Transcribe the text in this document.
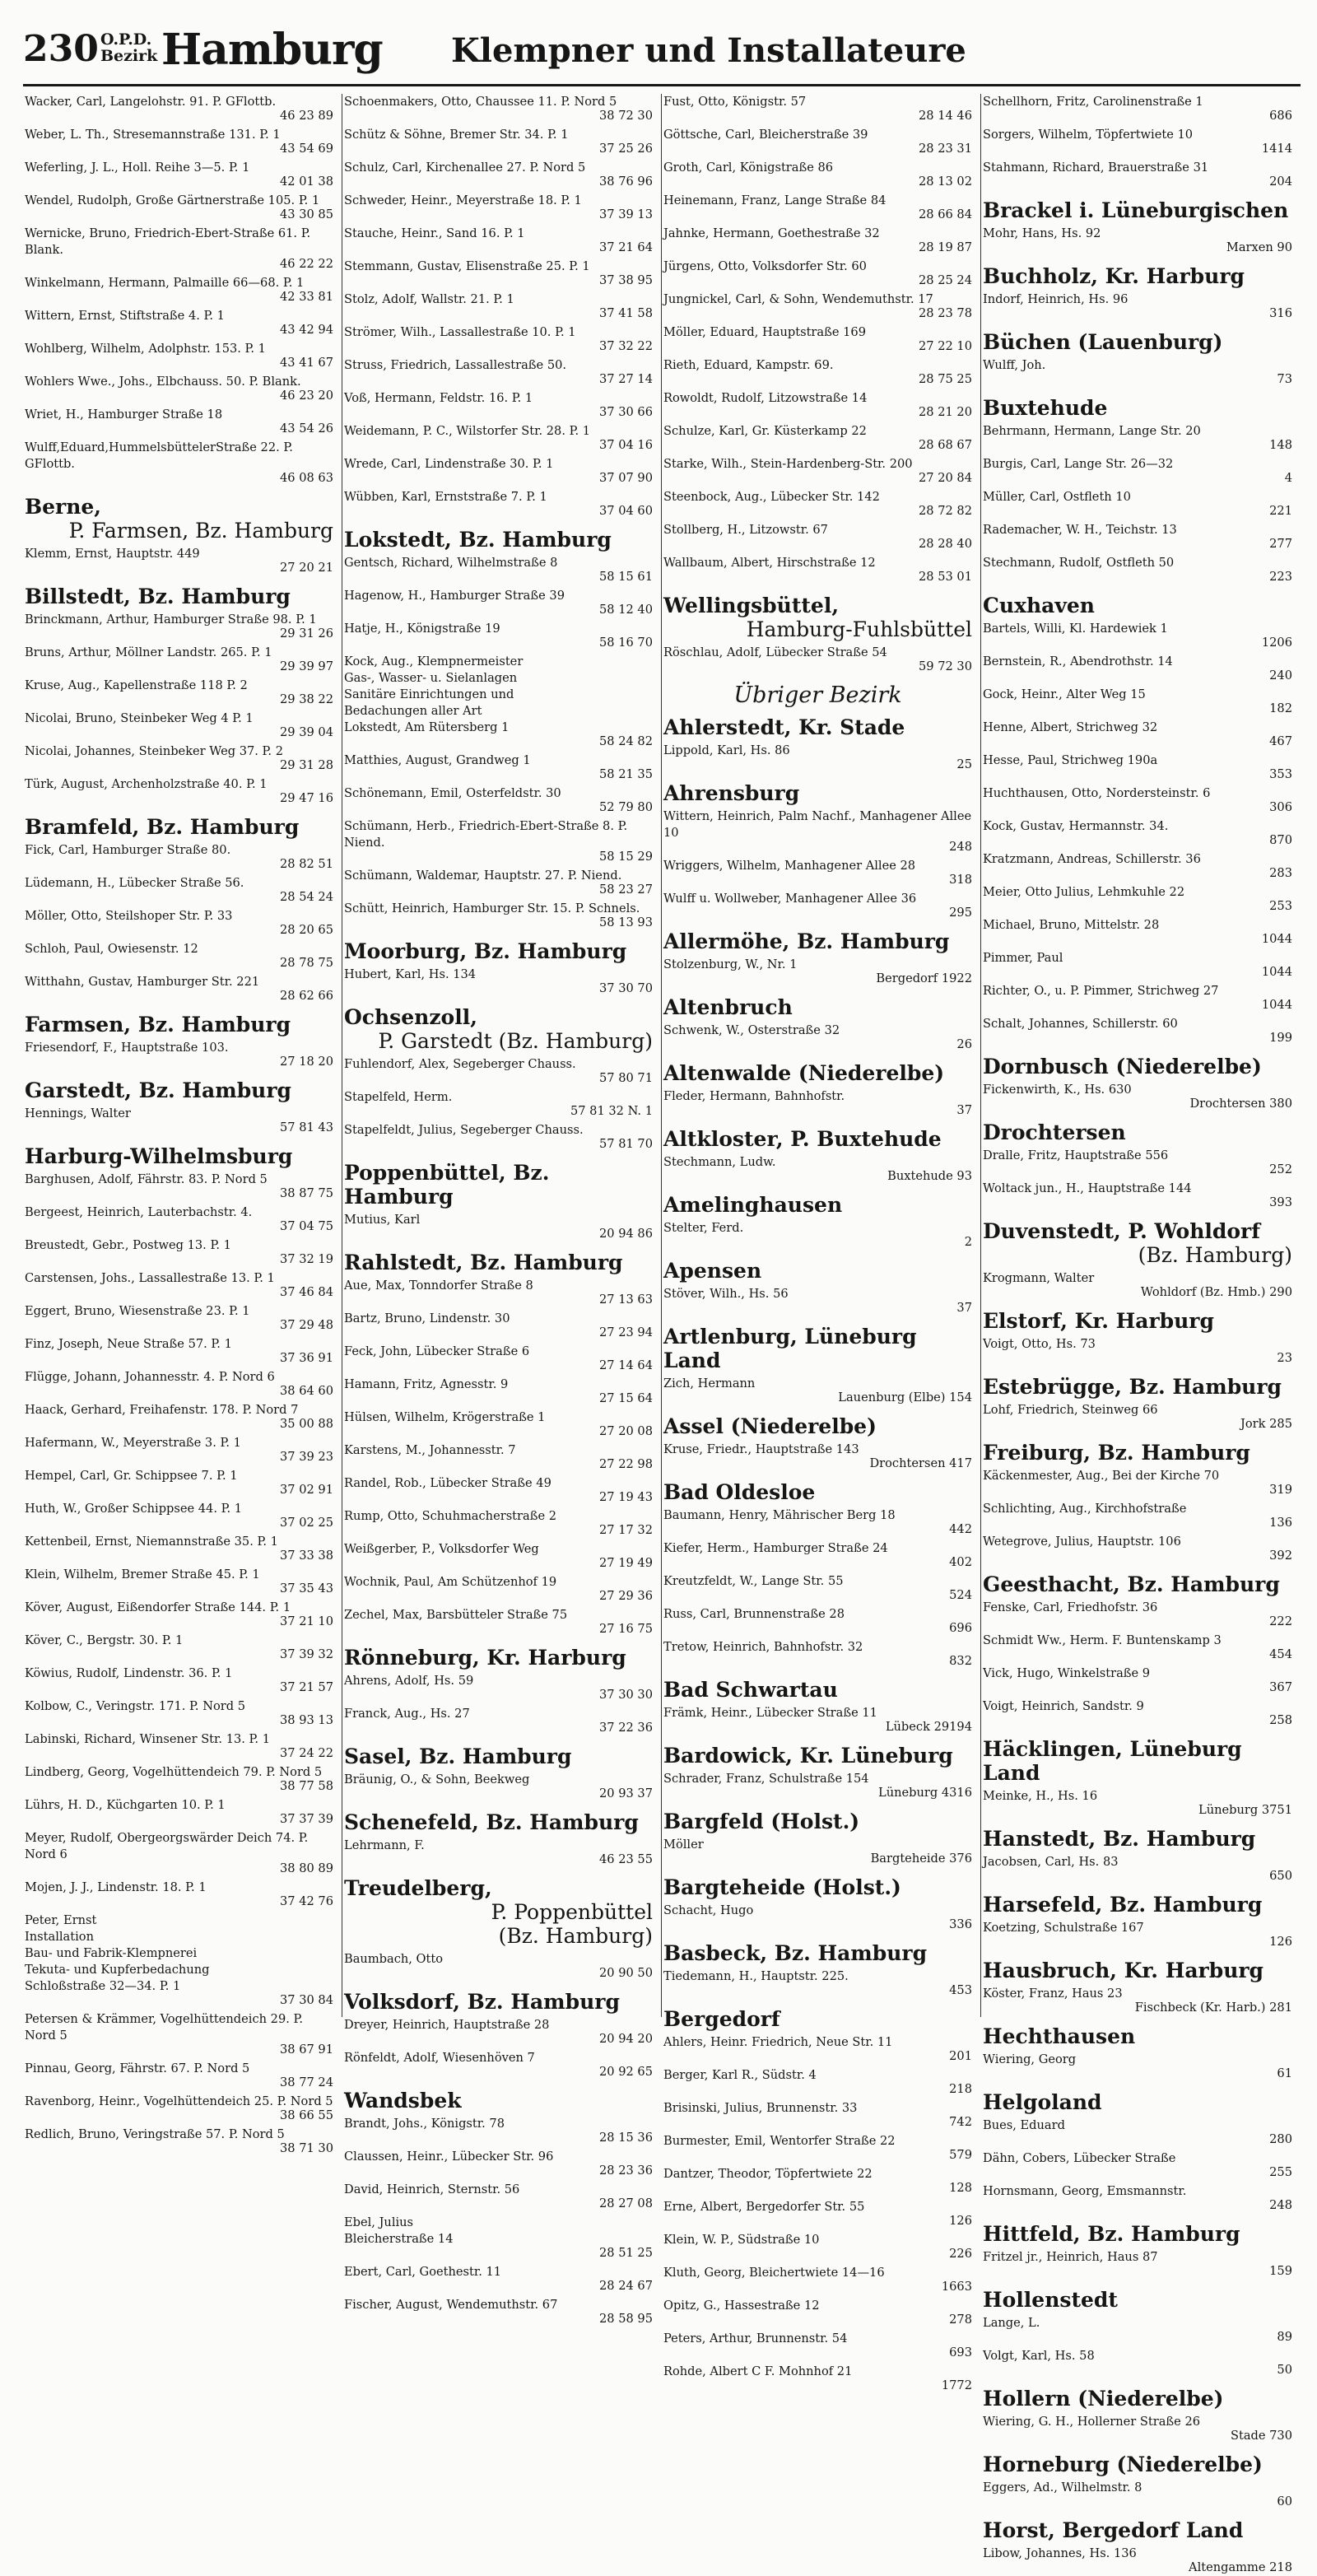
230 O.P.D.
Bezirk Hamburg Klempner und Installateure
Wacker, Carl, Langelohstr. 91. P. GFlottb.
46 23 89
Weber, L. Th., Stresemannstraße 131. P. 1
43 54 69
Weferling, J. L., Holl. Reihe 3—5. P. 1
42 01 38
Wendel, Rudolph, Große Gärtnerstraße 105. P. 1
43 30 85
Wernicke, Bruno, Friedrich-Ebert-Straße 61. P. Blank.
46 22 22
Winkelmann, Hermann, Palmaille 66—68. P. 1
42 33 81
Wittern, Ernst, Stiftstraße 4. P. 1
43 42 94
Wohlberg, Wilhelm, Adolphstr. 153. P. 1
43 41 67
Wohlers Wwe., Johs., Elbchauss. 50. P. Blank.
46 23 20
Wriet, H., Hamburger Straße 18
43 54 26
Wulff,Eduard,HummelsbüttelerStraße 22. P. GFlottb.
46 08 63
Berne,
P. Farmsen, Bz. Hamburg
Klemm, Ernst, Hauptstr. 449
27 20 21
Billstedt, Bz. Hamburg
Brinckmann, Arthur, Hamburger Straße 98. P. 1
29 31 26
Bruns, Arthur, Möllner Landstr. 265. P. 1
29 39 97
Kruse, Aug., Kapellenstraße 118 P. 2
29 38 22
Nicolai, Bruno, Steinbeker Weg 4 P. 1
29 39 04
Nicolai, Johannes, Steinbeker Weg 37. P. 2
29 31 28
Türk, August, Archenholzstraße 40. P. 1
29 47 16
Bramfeld, Bz. Hamburg
Fick, Carl, Hamburger Straße 80.
28 82 51
Lüdemann, H., Lübecker Straße 56.
28 54 24
Möller, Otto, Steilshoper Str. P. 33
28 20 65
Schloh, Paul, Owiesenstr. 12
28 78 75
Witthahn, Gustav, Hamburger Str. 221
28 62 66
Farmsen, Bz. Hamburg
Friesendorf, F., Hauptstraße 103.
27 18 20
Garstedt, Bz. Hamburg
Hennings, Walter
57 81 43
Harburg-Wilhelmsburg
Barghusen, Adolf, Fährstr. 83. P. Nord 5
38 87 75
Bergeest, Heinrich, Lauterbachstr. 4.
37 04 75
Breustedt, Gebr., Postweg 13. P. 1
37 32 19
Carstensen, Johs., Lassallestraße 13. P. 1
37 46 84
Eggert, Bruno, Wiesenstraße 23. P. 1
37 29 48
Finz, Joseph, Neue Straße 57. P. 1
37 36 91
Flügge, Johann, Johannesstr. 4. P. Nord 6
38 64 60
Haack, Gerhard, Freihafenstr. 178. P. Nord 7
35 00 88
Hafermann, W., Meyerstraße 3. P. 1
37 39 23
Hempel, Carl, Gr. Schippsee 7. P. 1
37 02 91
Huth, W., Großer Schippsee 44. P. 1
37 02 25
Kettenbeil, Ernst, Niemannstraße 35. P. 1
37 33 38
Klein, Wilhelm, Bremer Straße 45. P. 1
37 35 43
Köver, August, Eißendorfer Straße 144. P. 1
37 21 10
Köver, C., Bergstr. 30. P. 1
37 39 32
Köwius, Rudolf, Lindenstr. 36. P. 1
37 21 57
Kolbow, C., Veringstr. 171. P. Nord 5
38 93 13
Labinski, Richard, Winsener Str. 13. P. 1
37 24 22
Lindberg, Georg, Vogelhüttendeich 79. P. Nord 5
38 77 58
Lührs, H. D., Küchgarten 10. P. 1
37 37 39
Meyer, Rudolf, Obergeorgswärder Deich 74. P. Nord 6
38 80 89
Mojen, J. J., Lindenstr. 18. P. 1
37 42 76
Peter, Ernst
Installation
Bau- und Fabrik-Klempnerei
Tekuta- und Kupferbedachung
Schloßstraße 32—34. P. 1
37 30 84
Petersen & Krämmer, Vogelhüttendeich 29. P. Nord 5
38 67 91
Pinnau, Georg, Fährstr. 67. P. Nord 5
38 77 24
Ravenborg, Heinr., Vogelhüttendeich 25. P. Nord 5
38 66 55
Redlich, Bruno, Veringstraße 57. P. Nord 5
38 71 30
Schoenmakers, Otto, Chaussee 11. P. Nord 5
38 72 30
Schütz & Söhne, Bremer Str. 34. P. 1
37 25 26
Schulz, Carl, Kirchenallee 27. P. Nord 5
38 76 96
Schweder, Heinr., Meyerstraße 18. P. 1
37 39 13
Stauche, Heinr., Sand 16. P. 1
37 21 64
Stemmann, Gustav, Elisenstraße 25. P. 1
37 38 95
Stolz, Adolf, Wallstr. 21. P. 1
37 41 58
Strömer, Wilh., Lassallestraße 10. P. 1
37 32 22
Struss, Friedrich, Lassallestraße 50.
37 27 14
Voß, Hermann, Feldstr. 16. P. 1
37 30 66
Weidemann, P. C., Wilstorfer Str. 28. P. 1
37 04 16
Wrede, Carl, Lindenstraße 30. P. 1
37 07 90
Wübben, Karl, Ernststraße 7. P. 1
37 04 60
Lokstedt, Bz. Hamburg
Gentsch, Richard, Wilhelmstraße 8
58 15 61
Hagenow, H., Hamburger Straße 39
58 12 40
Hatje, H., Königstraße 19
58 16 70
Kock, Aug., Klempnermeister
Gas-, Wasser- u. Sielanlagen
Sanitäre Einrichtungen und
Bedachungen aller Art
Lokstedt, Am Rütersberg 1
58 24 82
Matthies, August, Grandweg 1
58 21 35
Schönemann, Emil, Osterfeldstr. 30
52 79 80
Schümann, Herb., Friedrich-Ebert-Straße 8. P. Niend.
58 15 29
Schümann, Waldemar, Hauptstr. 27. P. Niend.
58 23 27
Schütt, Heinrich, Hamburger Str. 15. P. Schnels.
58 13 93
Moorburg, Bz. Hamburg
Hubert, Karl, Hs. 134
37 30 70
Ochsenzoll,
P. Garstedt (Bz. Hamburg)
Fuhlendorf, Alex, Segeberger Chauss.
57 80 71
Stapelfeld, Herm.
57 81 32 N. 1
Stapelfeldt, Julius, Segeberger Chauss.
57 81 70
Poppenbüttel, Bz. Hamburg
Mutius, Karl
20 94 86
Rahlstedt, Bz. Hamburg
Aue, Max, Tonndorfer Straße 8
27 13 63
Bartz, Bruno, Lindenstr. 30
27 23 94
Feck, John, Lübecker Straße 6
27 14 64
Hamann, Fritz, Agnesstr. 9
27 15 64
Hülsen, Wilhelm, Krögerstraße 1
27 20 08
Karstens, M., Johannesstr. 7
27 22 98
Randel, Rob., Lübecker Straße 49
27 19 43
Rump, Otto, Schuhmacherstraße 2
27 17 32
Weißgerber, P., Volksdorfer Weg
27 19 49
Wochnik, Paul, Am Schützenhof 19
27 29 36
Zechel, Max, Barsbütteler Straße 75
27 16 75
Rönneburg, Kr. Harburg
Ahrens, Adolf, Hs. 59
37 30 30
Franck, Aug., Hs. 27
37 22 36
Sasel, Bz. Hamburg
Bräunig, O., & Sohn, Beekweg
20 93 37
Schenefeld, Bz. Hamburg
Lehrmann, F.
46 23 55
Treudelberg,
P. Poppenbüttel
(Bz. Hamburg)
Baumbach, Otto
20 90 50
Volksdorf, Bz. Hamburg
Dreyer, Heinrich, Hauptstraße 28
20 94 20
Rönfeldt, Adolf, Wiesenhöven 7
20 92 65
Wandsbek
Brandt, Johs., Königstr. 78
28 15 36
Claussen, Heinr., Lübecker Str. 96
28 23 36
David, Heinrich, Sternstr. 56
28 27 08
Ebel, Julius
Bleicherstraße 14
28 51 25
Ebert, Carl, Goethestr. 11
28 24 67
Fischer, August, Wendemuthstr. 67
28 58 95
Fust, Otto, Königstr. 57
28 14 46
Göttsche, Carl, Bleicherstraße 39
28 23 31
Groth, Carl, Königstraße 86
28 13 02
Heinemann, Franz, Lange Straße 84
28 66 84
Jahnke, Hermann, Goethestraße 32
28 19 87
Jürgens, Otto, Volksdorfer Str. 60
28 25 24
Jungnickel, Carl, & Sohn, Wendemuthstr. 17
28 23 78
Möller, Eduard, Hauptstraße 169
27 22 10
Rieth, Eduard, Kampstr. 69.
28 75 25
Rowoldt, Rudolf, Litzowstraße 14
28 21 20
Schulze, Karl, Gr. Küsterkamp 22
28 68 67
Starke, Wilh., Stein-Hardenberg-Str. 200
27 20 84
Steenbock, Aug., Lübecker Str. 142
28 72 82
Stollberg, H., Litzowstr. 67
28 28 40
Wallbaum, Albert, Hirschstraße 12
28 53 01
Wellingsbüttel,
Hamburg-Fuhlsbüttel
Röschlau, Adolf, Lübecker Straße 54
59 72 30
Übriger Bezirk
Ahlerstedt, Kr. Stade
Lippold, Karl, Hs. 86
25
Ahrensburg
Wittern, Heinrich, Palm Nachf., Manhagener Allee 10
248
Wriggers, Wilhelm, Manhagener Allee 28
318
Wulff u. Wollweber, Manhagener Allee 36
295
Allermöhe, Bz. Hamburg
Stolzenburg, W., Nr. 1
Bergedorf 1922
Altenbruch
Schwenk, W., Osterstraße 32
26
Altenwalde (Niederelbe)
Fleder, Hermann, Bahnhofstr.
37
Altkloster, P. Buxtehude
Stechmann, Ludw.
Buxtehude 93
Amelinghausen
Stelter, Ferd.
2
Apensen
Stöver, Wilh., Hs. 56
37
Artlenburg, Lüneburg Land
Zich, Hermann
Lauenburg (Elbe) 154
Assel (Niederelbe)
Kruse, Friedr., Hauptstraße 143
Drochtersen 417
Bad Oldesloe
Baumann, Henry, Mährischer Berg 18
442
Kiefer, Herm., Hamburger Straße 24
402
Kreutzfeldt, W., Lange Str. 55
524
Russ, Carl, Brunnenstraße 28
696
Tretow, Heinrich, Bahnhofstr. 32
832
Bad Schwartau
Främk, Heinr., Lübecker Straße 11
Lübeck 29194
Bardowick, Kr. Lüneburg
Schrader, Franz, Schulstraße 154
Lüneburg 4316
Bargfeld (Holst.)
Möller
Bargteheide 376
Bargteheide (Holst.)
Schacht, Hugo
336
Basbeck, Bz. Hamburg
Tiedemann, H., Hauptstr. 225.
453
Bergedorf
Ahlers, Heinr. Friedrich, Neue Str. 11
201
Berger, Karl R., Südstr. 4
218
Brisinski, Julius, Brunnenstr. 33
742
Burmester, Emil, Wentorfer Straße 22
579
Dantzer, Theodor, Töpfertwiete 22
128
Erne, Albert, Bergedorfer Str. 55
126
Klein, W. P., Südstraße 10
226
Kluth, Georg, Bleichertwiete 14—16
1663
Opitz, G., Hassestraße 12
278
Peters, Arthur, Brunnenstr. 54
693
Rohde, Albert C F. Mohnhof 21
1772
Schellhorn, Fritz, Carolinenstraße 1
686
Sorgers, Wilhelm, Töpfertwiete 10
1414
Stahmann, Richard, Brauerstraße 31
204
Brackel i. Lüneburgischen
Mohr, Hans, Hs. 92
Marxen 90
Buchholz, Kr. Harburg
Indorf, Heinrich, Hs. 96
316
Büchen (Lauenburg)
Wulff, Joh.
73
Buxtehude
Behrmann, Hermann, Lange Str. 20
148
Burgis, Carl, Lange Str. 26—32
4
Müller, Carl, Ostfleth 10
221
Rademacher, W. H., Teichstr. 13
277
Stechmann, Rudolf, Ostfleth 50
223
Cuxhaven
Bartels, Willi, Kl. Hardewiek 1
1206
Bernstein, R., Abendrothstr. 14
240
Gock, Heinr., Alter Weg 15
182
Henne, Albert, Strichweg 32
467
Hesse, Paul, Strichweg 190a
353
Huchthausen, Otto, Nordersteinstr. 6
306
Kock, Gustav, Hermannstr. 34.
870
Kratzmann, Andreas, Schillerstr. 36
283
Meier, Otto Julius, Lehmkuhle 22
253
Michael, Bruno, Mittelstr. 28
1044
Pimmer, Paul
1044
Richter, O., u. P. Pimmer, Strichweg 27
1044
Schalt, Johannes, Schillerstr. 60
199
Dornbusch (Niederelbe)
Fickenwirth, K., Hs. 630
Drochtersen 380
Drochtersen
Dralle, Fritz, Hauptstraße 556
252
Woltack jun., H., Hauptstraße 144
393
Duvenstedt, P. Wohldorf
(Bz. Hamburg)
Krogmann, Walter
Wohldorf (Bz. Hmb.) 290
Elstorf, Kr. Harburg
Voigt, Otto, Hs. 73
23
Estebrügge, Bz. Hamburg
Lohf, Friedrich, Steinweg 66
Jork 285
Freiburg, Bz. Hamburg
Käckenmester, Aug., Bei der Kirche 70
319
Schlichting, Aug., Kirchhofstraße
136
Wetegrove, Julius, Hauptstr. 106
392
Geesthacht, Bz. Hamburg
Fenske, Carl, Friedhofstr. 36
222
Schmidt Ww., Herm. F. Buntenskamp 3
454
Vick, Hugo, Winkelstraße 9
367
Voigt, Heinrich, Sandstr. 9
258
Häcklingen, Lüneburg Land
Meinke, H., Hs. 16
Lüneburg 3751
Hanstedt, Bz. Hamburg
Jacobsen, Carl, Hs. 83
650
Harsefeld, Bz. Hamburg
Koetzing, Schulstraße 167
126
Hausbruch, Kr. Harburg
Köster, Franz, Haus 23
Fischbeck (Kr. Harb.) 281
Hechthausen
Wiering, Georg
61
Helgoland
Bues, Eduard
280
Dähn, Cobers, Lübecker Straße
255
Hornsmann, Georg, Emsmannstr.
248
Hittfeld, Bz. Hamburg
Fritzel jr., Heinrich, Haus 87
159
Hollenstedt
Lange, L.
89
Volgt, Karl, Hs. 58
50
Hollern (Niederelbe)
Wiering, G. H., Hollerner Straße 26
Stade 730
Horneburg (Niederelbe)
Eggers, Ad., Wilhelmstr. 8
60
Horst, Bergedorf Land
Libow, Johannes, Hs. 136
Altengamme 218
